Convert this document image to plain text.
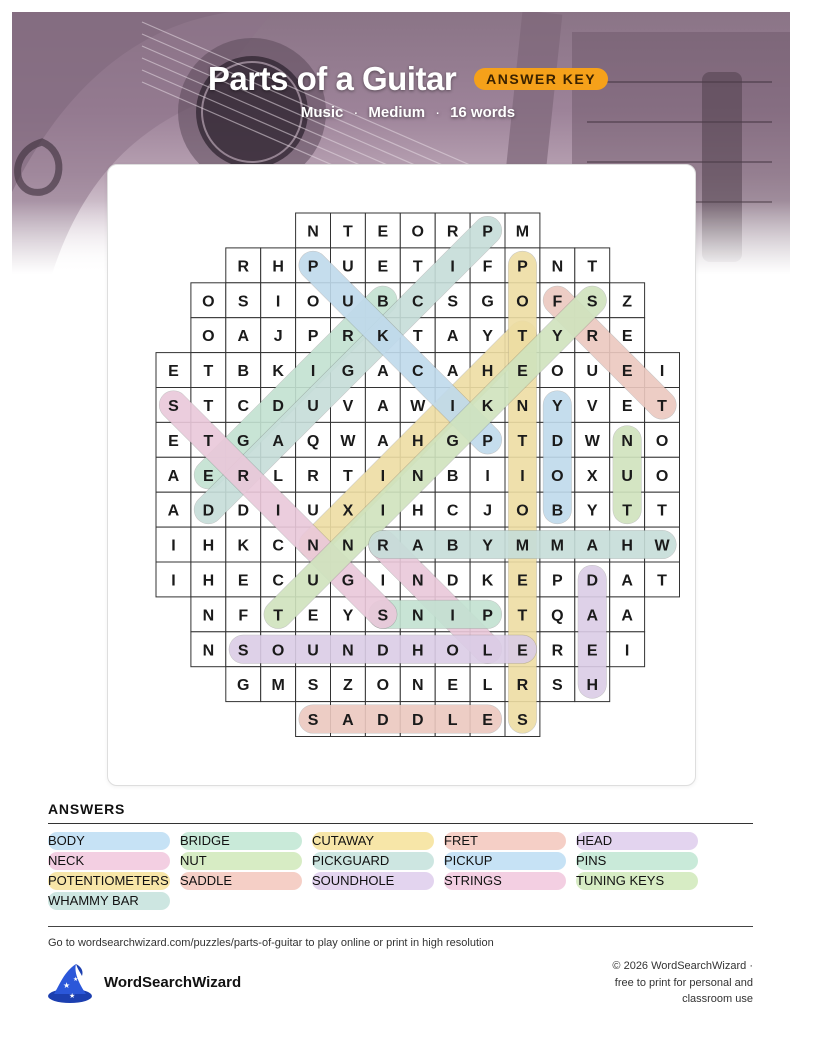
Parts of a Guitar ANSWER KEY
Music · Medium · 16 words
N T E O R P M
R H P U E T I F P N T
O S I O U B C S G O F S Z
O A J P R K T A Y T Y R E
E T B K I G A C A H E O U E I
S T C D U V A W I K N Y V E T
E T G A Q W A H G P T D W N O
A E R L R T I N B I I O X U O
A D D I U X I H C J O B Y T T
I H K C N N R A B Y M M A H W
I H E C U G I N D K E P D A T
N F T E Y S N I P T Q A A
N S O U N D H O L E R E I
G M S Z O N E L R S H
S A D D L E S
ANSWERS
BODY
NECK
POTENTIOMETERS
WHAMMY BAR
BRIDGE
NUT
SADDLE
CUTAWAY
PICKGUARD
SOUNDHOLE
FRET
PICKUP
STRINGS
HEAD
PINS
TUNING KEYS
Go to wordsearchwizard.com/puzzles/parts-of-guitar to play online or print in high resolution
★
★
★
WordSearchWizard
© 2026 WordSearchWizard ·
free to print for personal and
classroom use
